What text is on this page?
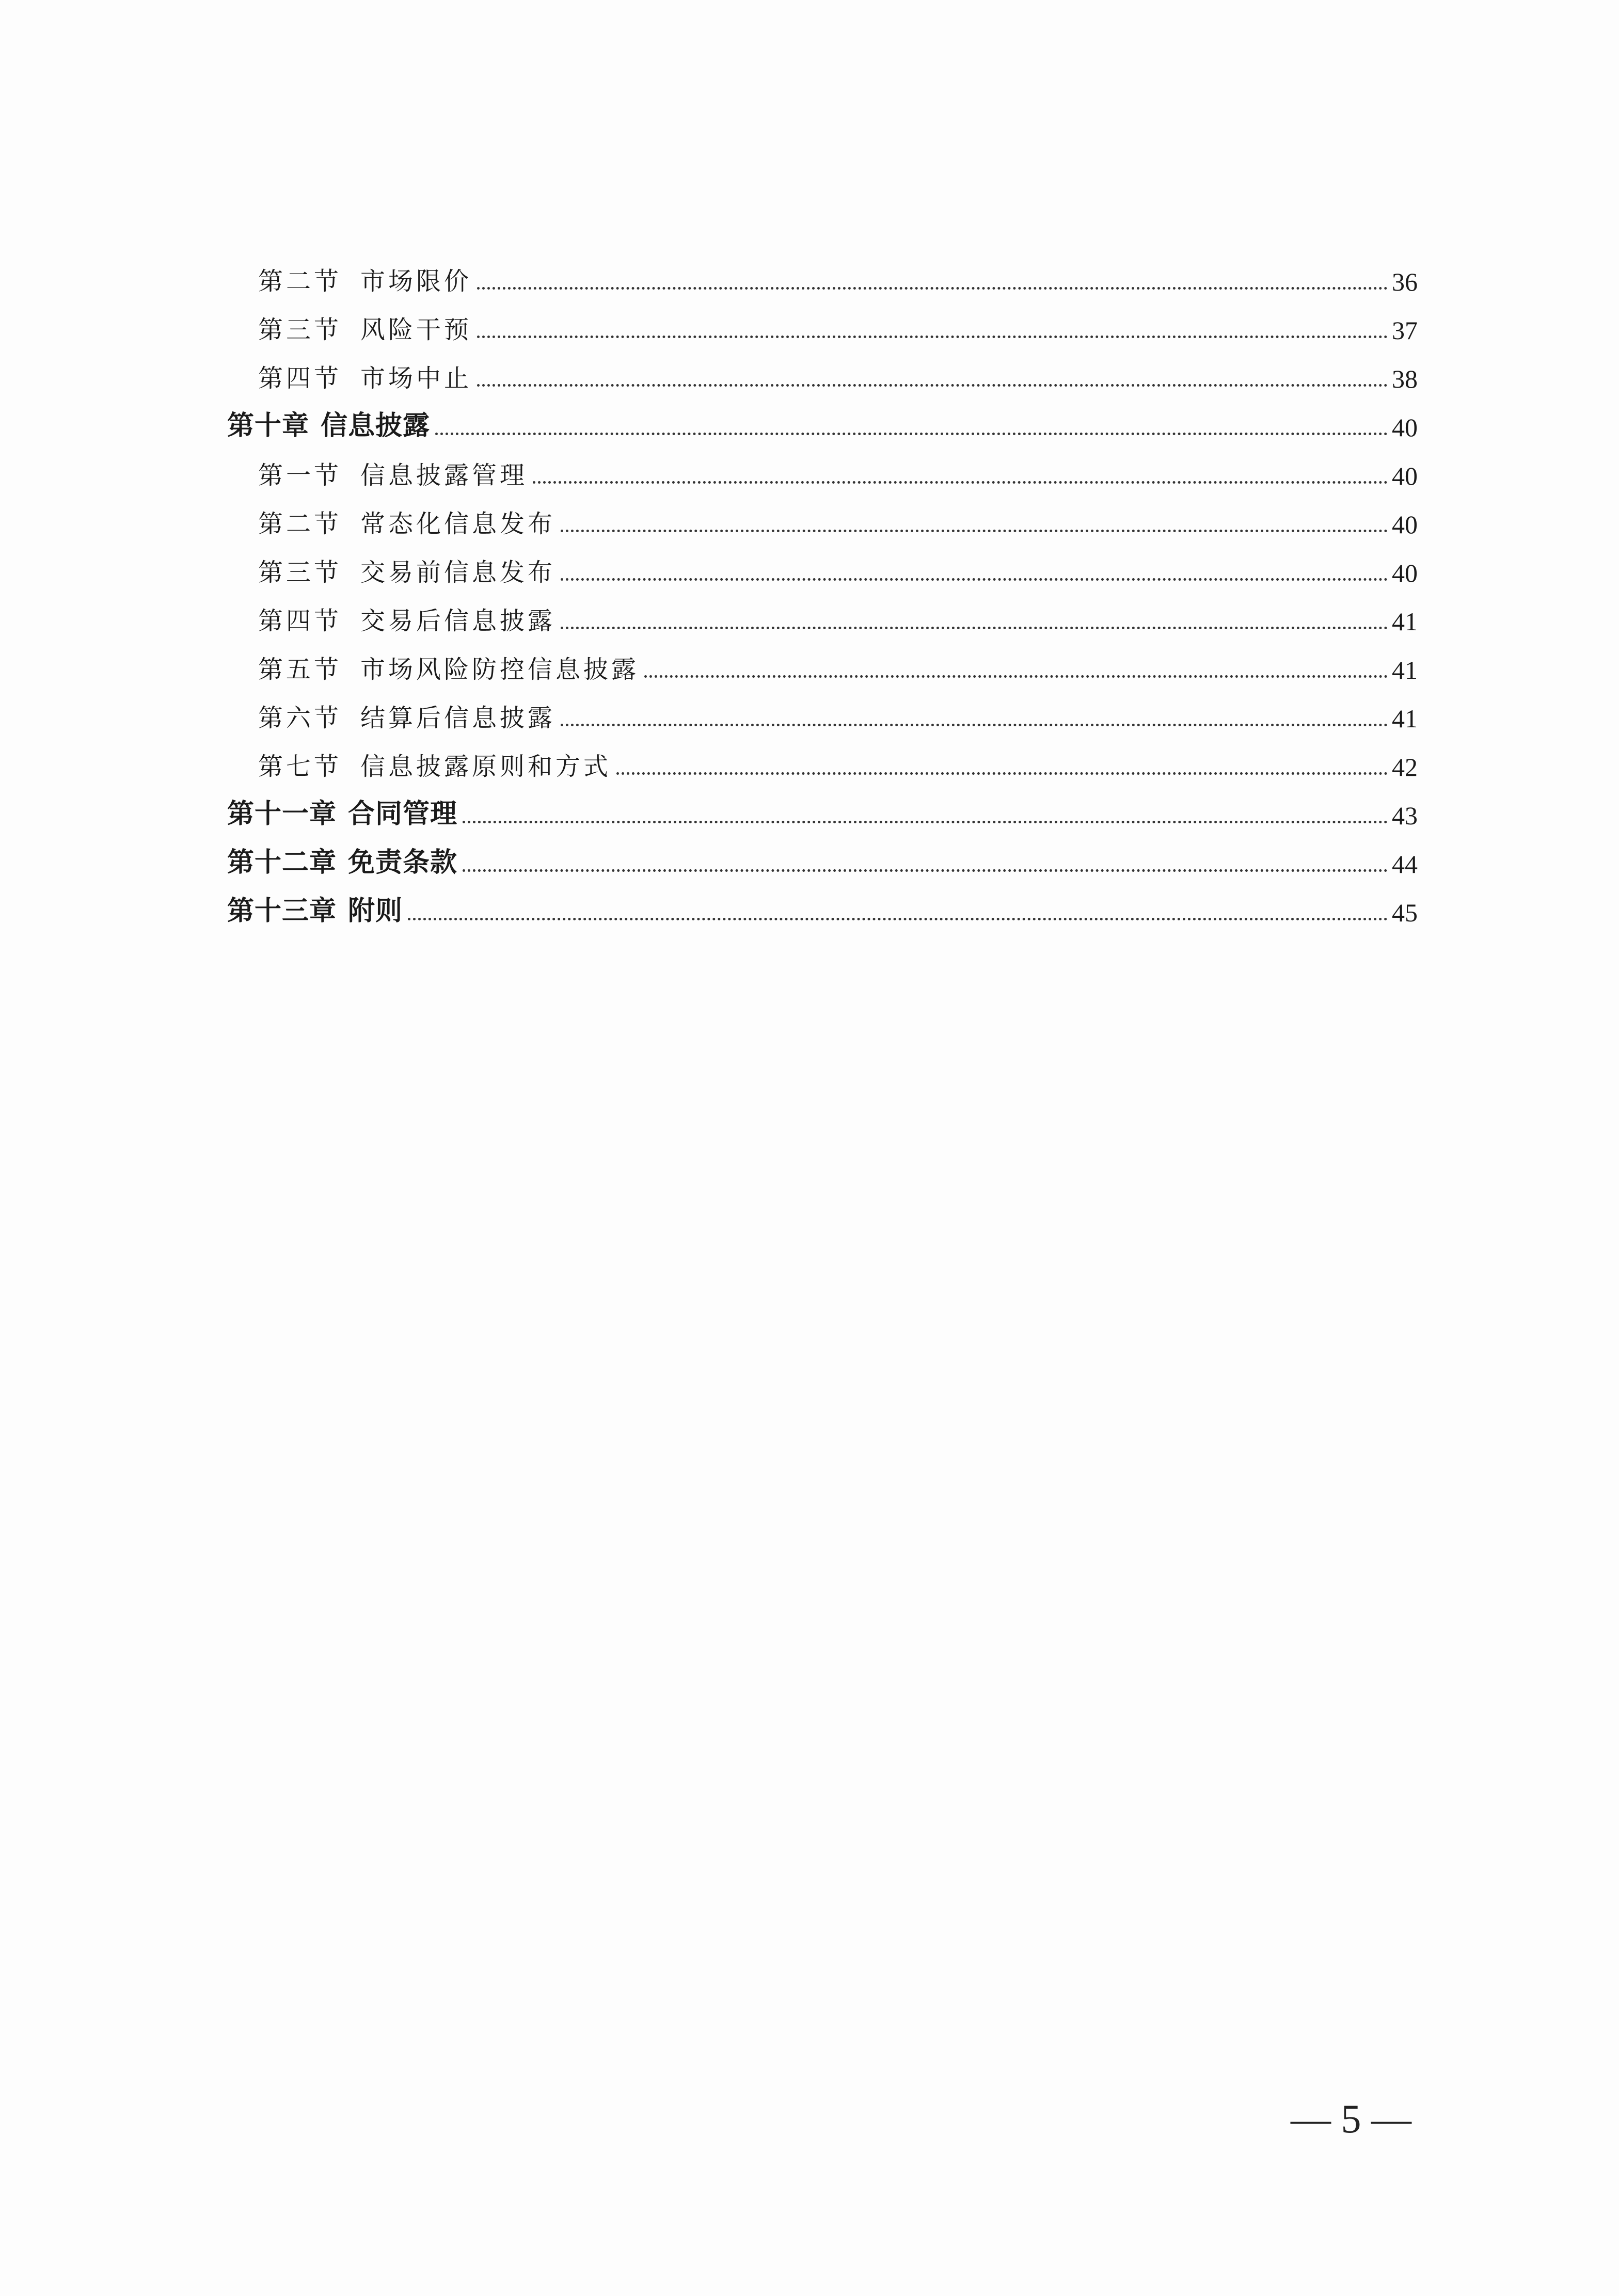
第二节 市场限价	36
第三节 风险干预	37
第四节 市场中止	38
第十章 信息披露	40
第一节 信息披露管理	40
第二节 常态化信息发布	40
第三节 交易前信息发布	40
第四节 交易后信息披露	41
第五节 市场风险防控信息披露	41
第六节 结算后信息披露	41
第七节 信息披露原则和方式	42
第十一章 合同管理	43
第十二章 免责条款	44
第十三章 附则	45
— 5 —
